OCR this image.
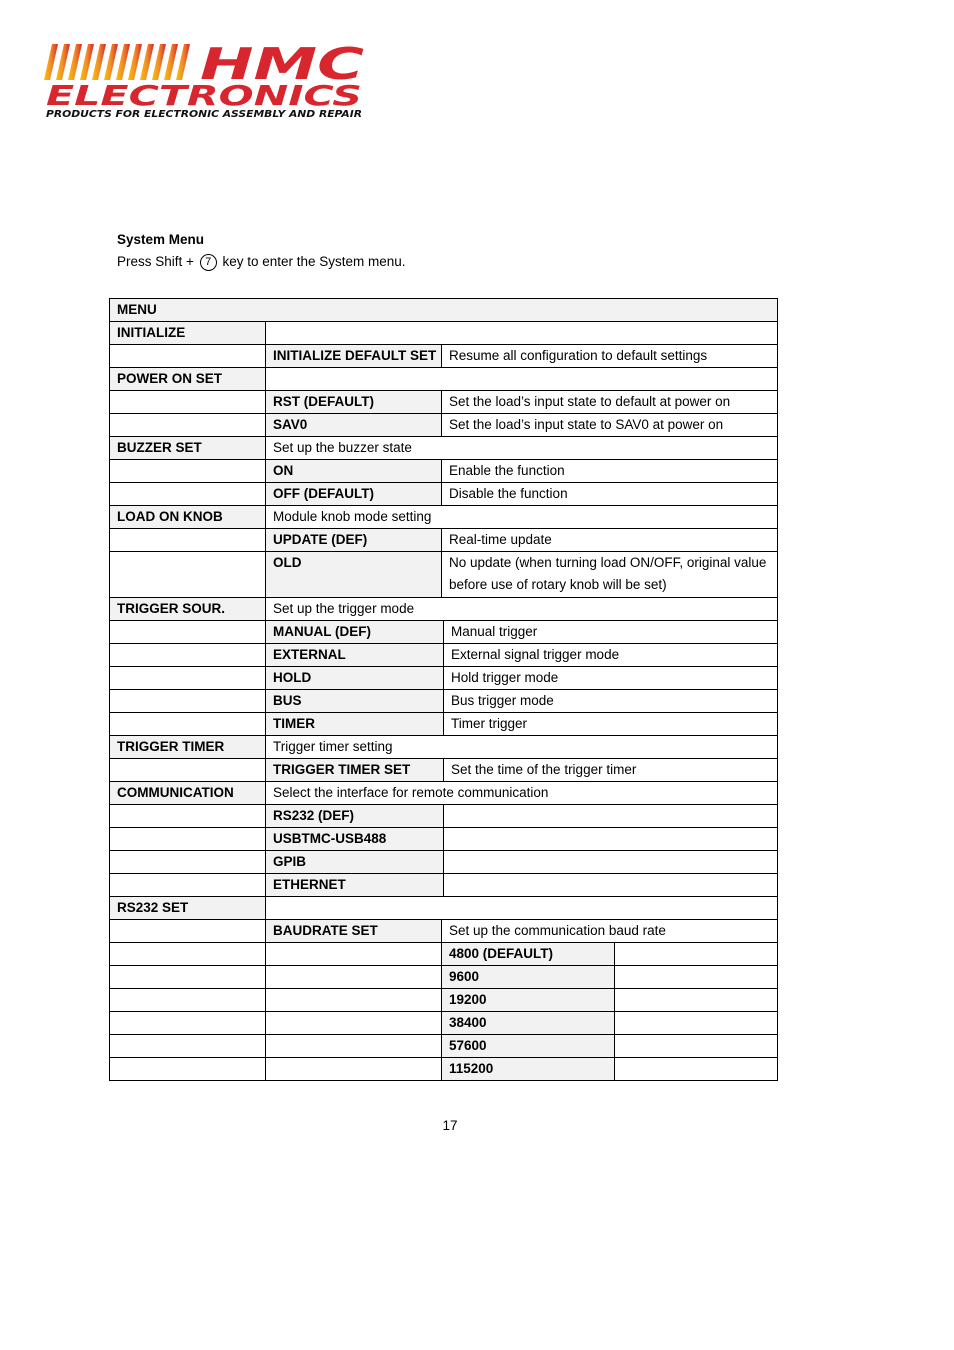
HMC
ELECTRONICS
PRODUCTS FOR ELECTRONIC ASSEMBLY AND REPAIR
System Menu
Press Shift + 7 key to enter the System menu.
MENU
INITIALIZE
INITIALIZE DEFAULT SET Resume all configuration to default settings
POWER ON SET
RST (DEFAULT)	Set the load’s input state to default at power on
SAV0	Set the load’s input state to SAV0 at power on
BUZZER SET	Set up the buzzer state
ON	Enable the function
OFF (DEFAULT)	Disable the function
LOAD ON KNOB	Module knob mode setting
UPDATE (DEF)	Real-time update
OLD	No update (when turning load ON/OFF, original value before use of rotary knob will be set)
TRIGGER SOUR.	Set up the trigger mode
MANUAL (DEF)	Manual trigger
EXTERNAL	External signal trigger mode
HOLD	Hold trigger mode
BUS	Bus trigger mode
TIMER	Timer trigger
TRIGGER TIMER	Trigger timer setting
TRIGGER TIMER SET	Set the time of the trigger timer
COMMUNICATION	Select the interface for remote communication
RS232 (DEF)
USBTMC-USB488
GPIB
ETHERNET
RS232 SET
BAUDRATE SET	Set up the communication baud rate
4800 (DEFAULT)
9600
19200
38400
57600
115200
17
